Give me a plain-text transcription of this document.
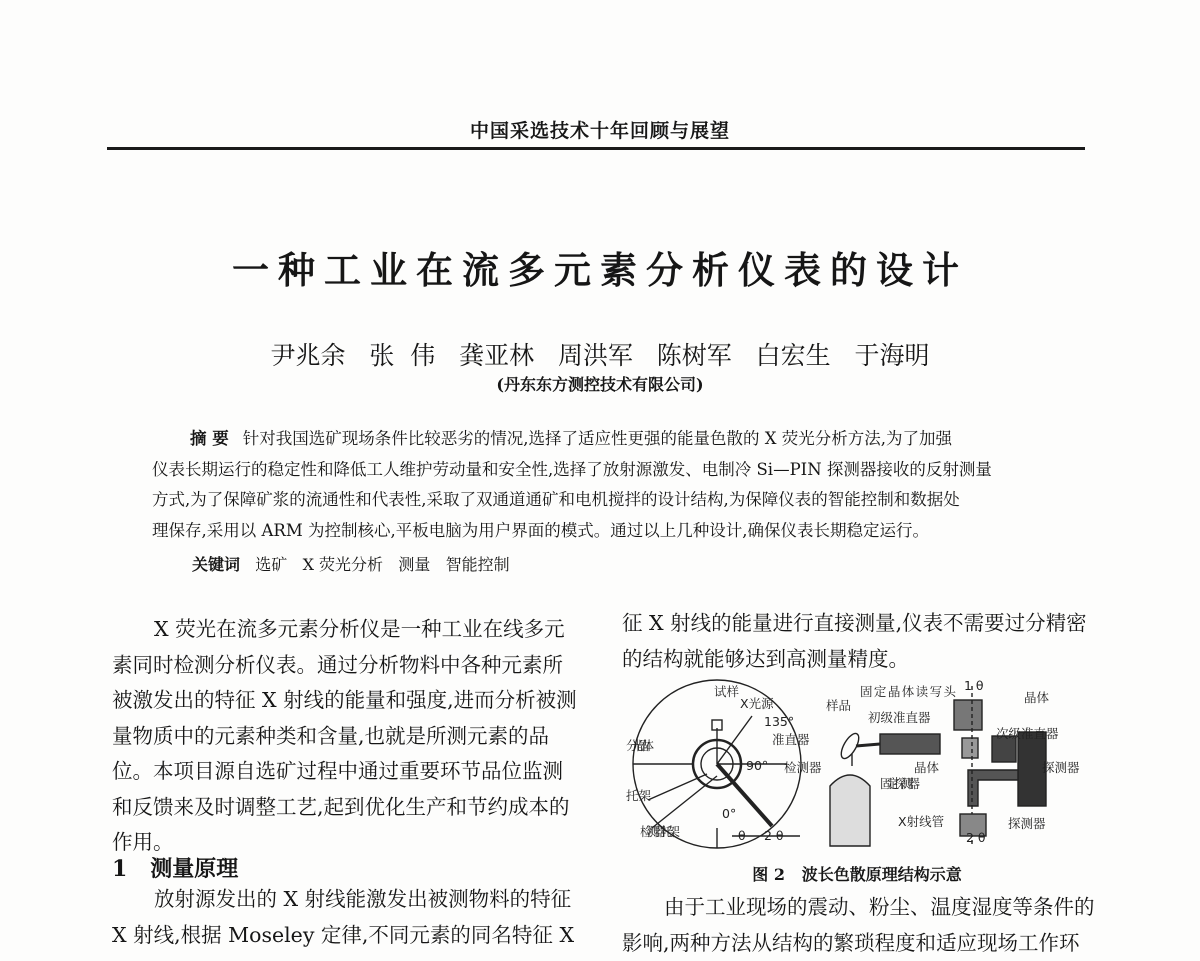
中国采选技术十年回顾与展望
一种工业在流多元素分析仪表的设计
尹兆余   张  伟   龚亚林   周洪军   陈树军   白宏生   于海明
(丹东东方测控技术有限公司)
摘 要 针对我国选矿现场条件比较恶劣的情况,选择了适应性更强的能量色散的 X 荧光分析方法,为了加强
仪表长期运行的稳定性和降低工人维护劳动量和安全性,选择了放射源激发、电制冷 Si—PIN 探测器接收的反射测量
方式,为了保障矿浆的流通性和代表性,采取了双通道通矿和电机搅拌的设计结构,为保障仪表的智能控制和数据处
理保存,采用以 ARM 为控制核心,平板电脑为用户界面的模式。通过以上几种设计,确保仪表长期稳定运行。
关键词 选矿 X 荧光分析 测量 智能控制
X 荧光在流多元素分析仪是一种工业在线多元
素同时检测分析仪表。通过分析物料中各种元素所
被激发出的特征 X 射线的能量和强度,进而分析被测
量物质中的元素种类和含量,也就是所测元素的品
位。本项目源自选矿过程中通过重要环节品位监测
和反馈来及时调整工艺,起到优化生产和节约成本的
作用。
1 测量原理
放射源发出的 X 射线能激发出被测物料的特征
X 射线,根据 Moseley 定律,不同元素的同名特征 X
征 X 射线的能量进行直接测量,仪表不需要过分精密
的结构就能够达到高测量精度。
试样
X光源
135°
准直器
分光晶体
90° 检测器
托架
0°
θ 2 θ
检测器托架
样品
固定晶体读写头 1 θ
晶体
初级准直器
次级准直器
晶体	探测器
固定探测器
X射线管
2 θ
探测器
图 2   波长色散原理结构示意
由于工业现场的震动、粉尘、温度湿度等条件的
影响,两种方法从结构的繁琐程度和适应现场工作环
